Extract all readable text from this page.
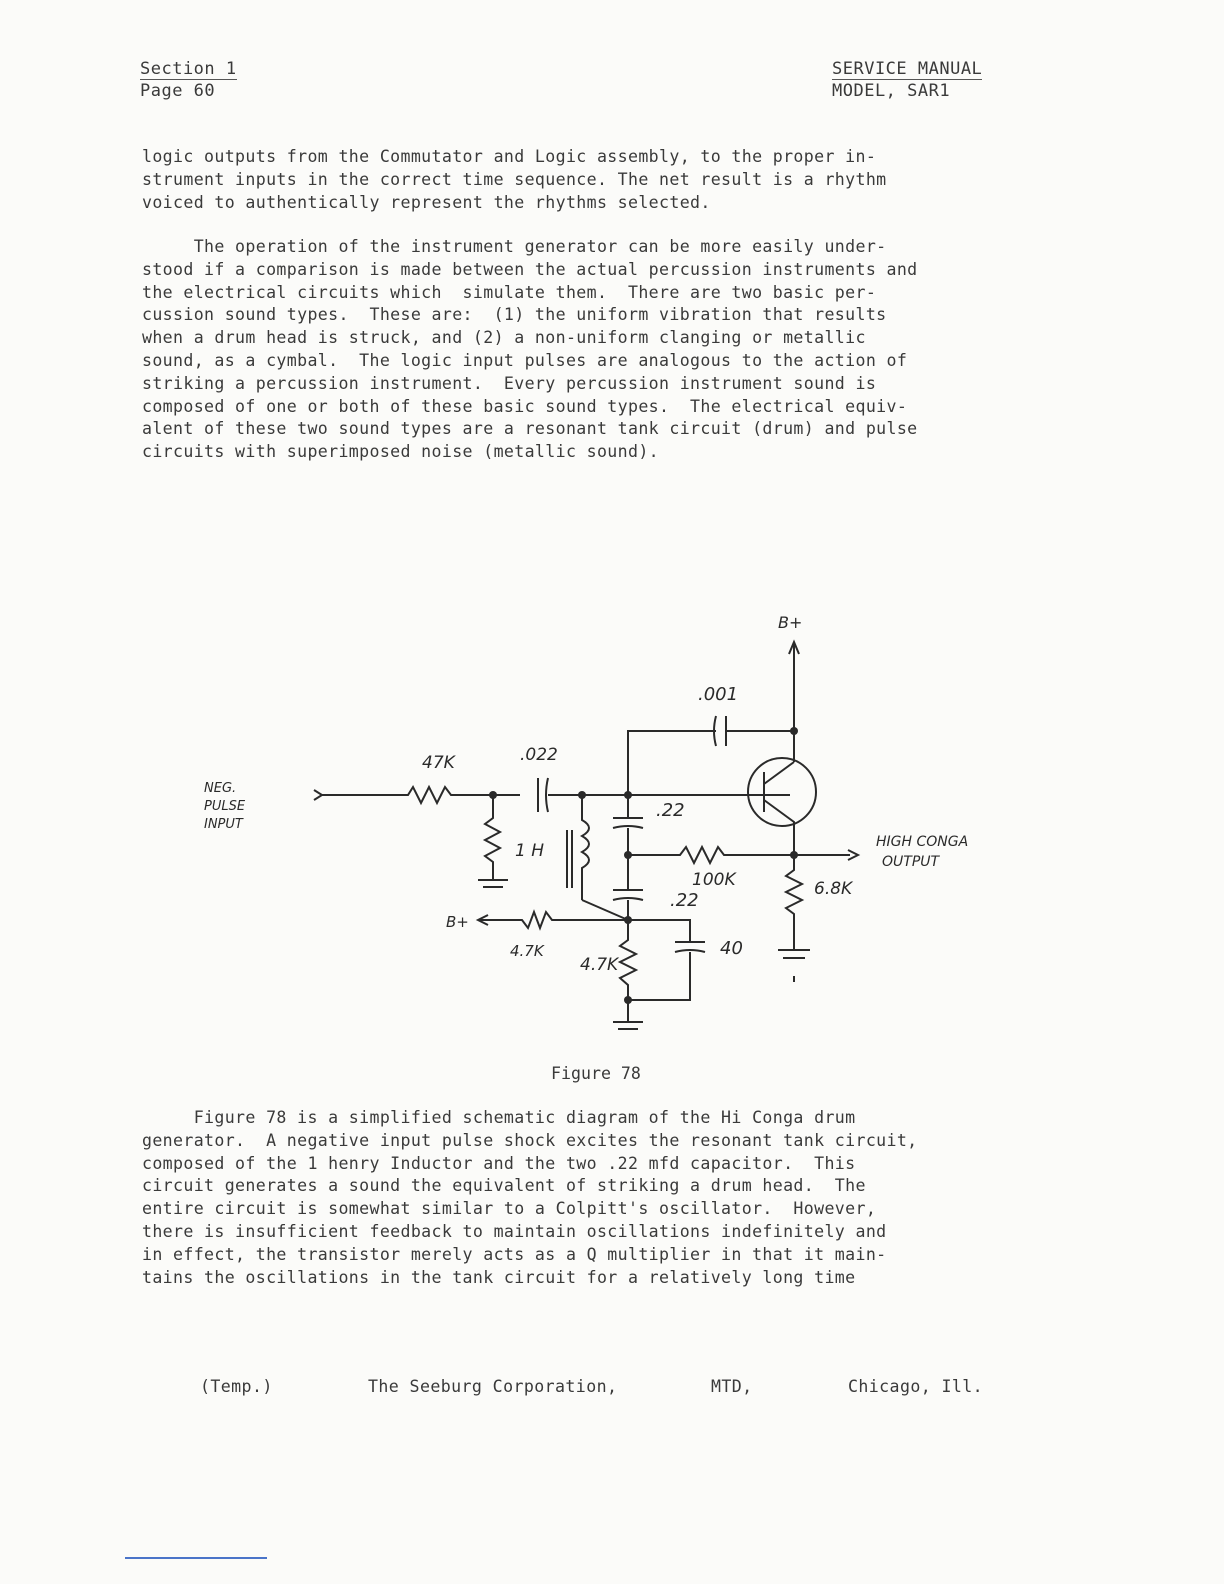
Section 1
Page 60
SERVICE MANUAL
MODEL, SAR1

logic outputs from the Commutator and Logic assembly, to the proper in-
strument inputs in the correct time sequence. The net result is a rhythm
voiced to authentically represent the rhythms selected.

The operation of the instrument generator can be more easily under-
stood if a comparison is made between the actual percussion instruments and
the electrical circuits which  simulate them.  There are two basic per-
cussion sound types.  These are:  (1) the uniform vibration that results
when a drum head is struck, and (2) a non-uniform clanging or metallic
sound, as a cymbal.  The logic input pulses are analogous to the action of
striking a percussion instrument.  Every percussion instrument sound is
composed of one or both of these basic sound types.  The electrical equiv-
alent of these two sound types are a resonant tank circuit (drum) and pulse
circuits with superimposed noise (metallic sound).

NEG.
PULSE
INPUT
47K	.022
1 H
.22
.22
B+
4.7K
4.7K
40
100K
.001
B+
HIGH CONGA
OUTPUT
6.8K
Figure 78

Figure 78 is a simplified schematic diagram of the Hi Conga drum
generator.  A negative input pulse shock excites the resonant tank circuit,
composed of the 1 henry Inductor and the two .22 mfd capacitor.  This
circuit generates a sound the equivalent of striking a drum head.  The
entire circuit is somewhat similar to a Colpitt's oscillator.  However,
there is insufficient feedback to maintain oscillations indefinitely and
in effect, the transistor merely acts as a Q multiplier in that it main-
tains the oscillations in the tank circuit for a relatively long time

(Temp.)	The Seeburg Corporation,	MTD,	Chicago, Ill.
